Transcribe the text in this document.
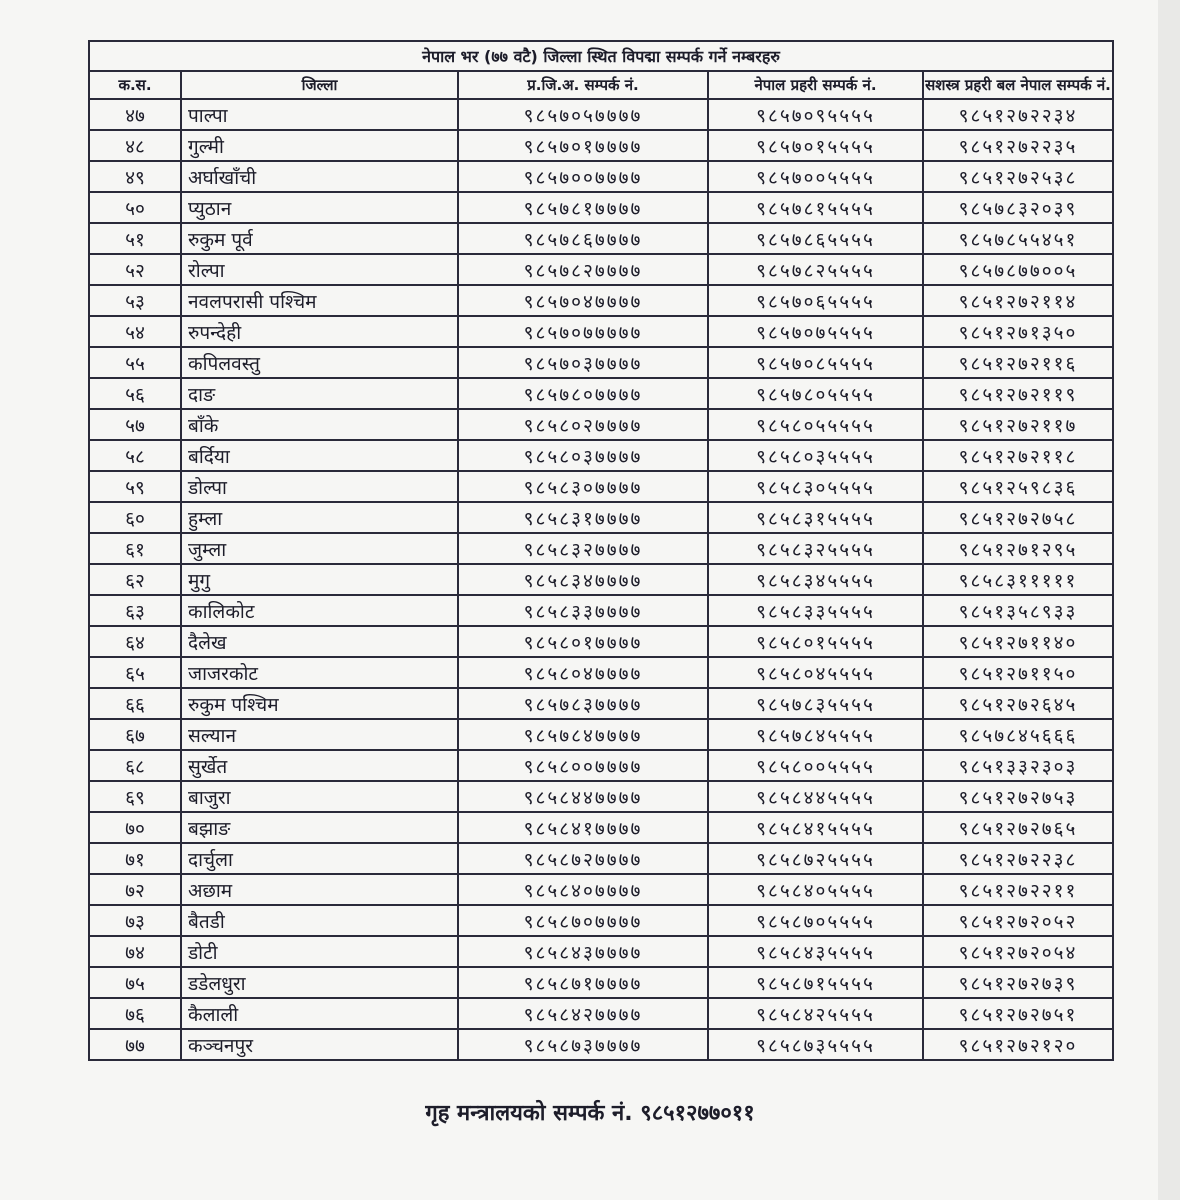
नेपाल भर (७७ वटै) जिल्ला स्थित विपद्मा सम्पर्क गर्ने नम्बरहरु				
क.स.	जिल्ला	प्र.जि.अ. सम्पर्क नं.	नेपाल प्रहरी सम्पर्क नं.	सशस्त्र प्रहरी बल नेपाल सम्पर्क नं.
४७	पाल्पा	९८५७०५७७७७	९८५७०९५५५५	९८५१२७२२३४
४८	गुल्मी	९८५७०१७७७७	९८५७०१५५५५	९८५१२७२२३५
४९	अर्घाखाँची	९८५७००७७७७	९८५७००५५५५	९८५१२७२५३८
५०	प्युठान	९८५७८१७७७७	९८५७८१५५५५	९८५७८३२०३९
५१	रुकुम पूर्व	९८५७८६७७७७	९८५७८६५५५५	९८५७८५५४५१
५२	रोल्पा	९८५७८२७७७७	९८५७८२५५५५	९८५७८७७००५
५३	नवलपरासी पश्चिम	९८५७०४७७७७	९८५७०६५५५५	९८५१२७२११४
५४	रुपन्देही	९८५७०७७७७७	९८५७०७५५५५	९८५१२७१३५०
५५	कपिलवस्तु	९८५७०३७७७७	९८५७०८५५५५	९८५१२७२११६
५६	दाङ	९८५७८०७७७७	९८५७८०५५५५	९८५१२७२११९
५७	बाँके	९८५८०२७७७७	९८५८०५५५५५	९८५१२७२११७
५८	बर्दिया	९८५८०३७७७७	९८५८०३५५५५	९८५१२७२११८
५९	डोल्पा	९८५८३०७७७७	९८५८३०५५५५	९८५१२५९८३६
६०	हुम्ला	९८५८३१७७७७	९८५८३१५५५५	९८५१२७२७५८
६१	जुम्ला	९८५८३२७७७७	९८५८३२५५५५	९८५१२७१२९५
६२	मुगु	९८५८३४७७७७	९८५८३४५५५५	९८५८३१११११
६३	कालिकोट	९८५८३३७७७७	९८५८३३५५५५	९८५१३५८९३३
६४	दैलेख	९८५८०१७७७७	९८५८०१५५५५	९८५१२७११४०
६५	जाजरकोट	९८५८०४७७७७	९८५८०४५५५५	९८५१२७११५०
६६	रुकुम पश्चिम	९८५७८३७७७७	९८५७८३५५५५	९८५१२७२६४५
६७	सल्यान	९८५७८४७७७७	९८५७८४५५५५	९८५७८४५६६६
६८	सुर्खेत	९८५८००७७७७	९८५८००५५५५	९८५१३३२३०३
६९	बाजुरा	९८५८४४७७७७	९८५८४४५५५५	९८५१२७२७५३
७०	बझाङ	९८५८४१७७७७	९८५८४१५५५५	९८५१२७२७६५
७१	दार्चुला	९८५८७२७७७७	९८५८७२५५५५	९८५१२७२२३८
७२	अछाम	९८५८४०७७७७	९८५८४०५५५५	९८५१२७२२११
७३	बैतडी	९८५८७०७७७७	९८५८७०५५५५	९८५१२७२०५२
७४	डोटी	९८५८४३७७७७	९८५८४३५५५५	९८५१२७२०५४
७५	डडेलधुरा	९८५८७१७७७७	९८५८७१५५५५	९८५१२७२७३९
७६	कैलाली	९८५८४२७७७७	९८५८४२५५५५	९८५१२७२७५१
७७	कञ्चनपुर	९८५८७३७७७७	९८५८७३५५५५	९८५१२७२१२०
गृह मन्त्रालयको सम्पर्क नं. ९८५१२७७०११
